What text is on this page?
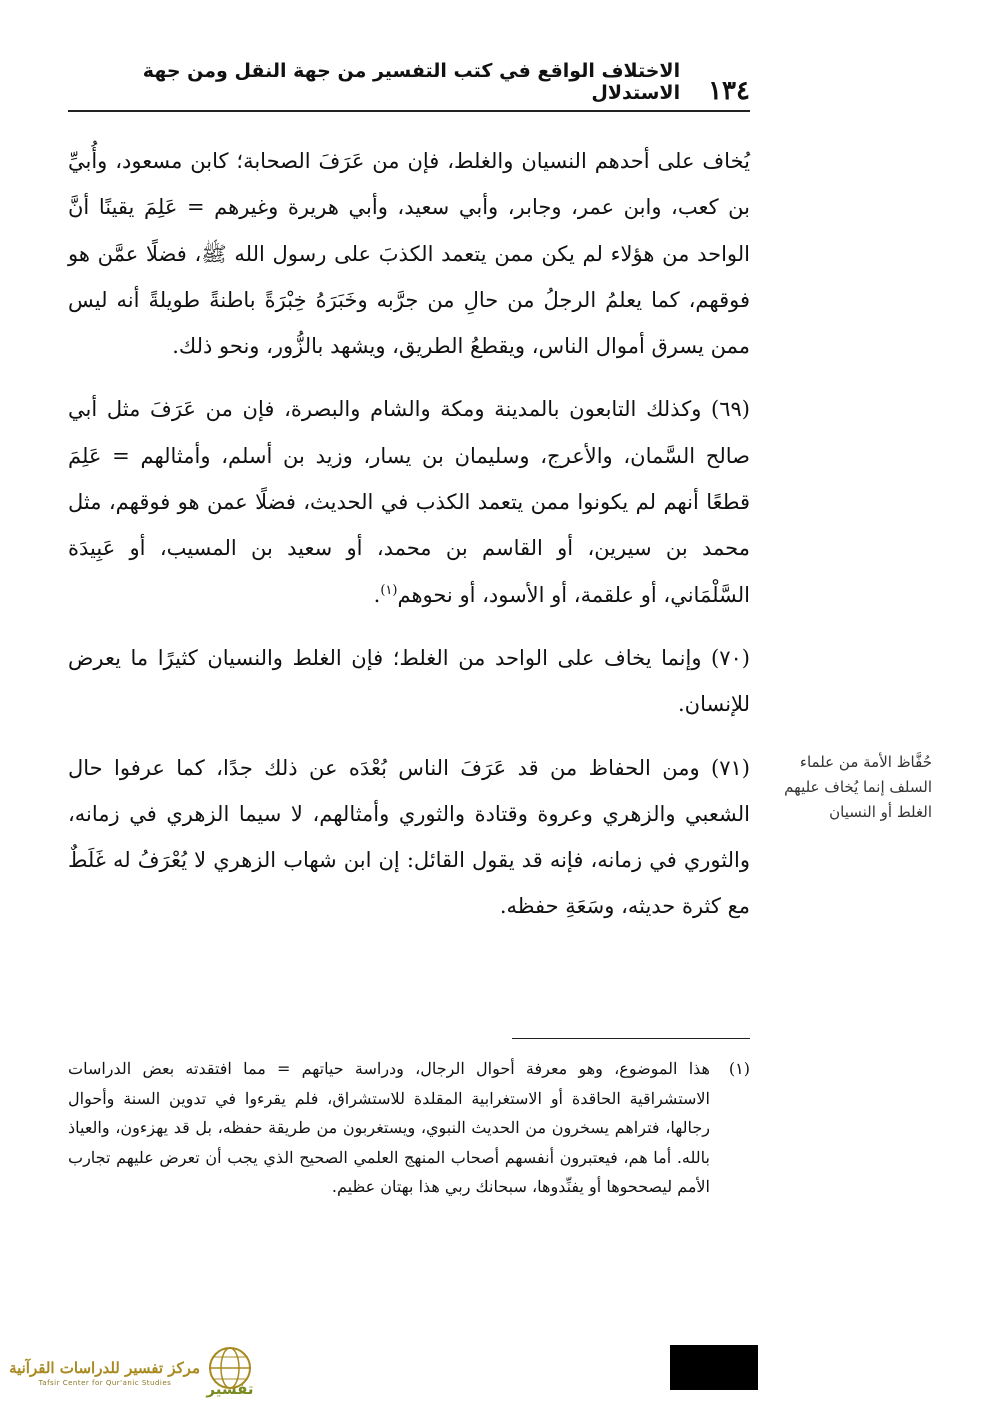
١٣٤
الاختلاف الواقع في كتب التفسير من جهة النقل ومن جهة الاستدلال

يُخاف على أحدهم النسيان والغلط، فإن من عَرَفَ الصحابة؛ كابن مسعود، وأُبيِّ بن كعب، وابن عمر، وجابر، وأبي سعيد، وأبي هريرة وغيرهم = عَلِمَ يقينًا أنَّ الواحد من هؤلاء لم يكن ممن يتعمد الكذبَ على رسول الله ﷺ، فضلًا عمَّن هو فوقهم، كما يعلمُ الرجلُ من حالِ من جرَّبه وخَبَرَهُ خِبْرَةً باطنةً طويلةً أنه ليس ممن يسرق أموال الناس، ويقطعُ الطريق، ويشهد بالزُّور، ونحو ذلك.

(٦٩) وكذلك التابعون بالمدينة ومكة والشام والبصرة، فإن من عَرَفَ مثل أبي صالح السَّمان، والأعرج، وسليمان بن يسار، وزيد بن أسلم، وأمثالهم = عَلِمَ قطعًا أنهم لم يكونوا ممن يتعمد الكذب في الحديث، فضلًا عمن هو فوقهم، مثل محمد بن سيرين، أو القاسم بن محمد، أو سعيد بن المسيب، أو عَبِيدَة السَّلْمَاني، أو علقمة، أو الأسود، أو نحوهم$^{(١)}$.

(٧٠) وإنما يخاف على الواحد من الغلط؛ فإن الغلط والنسيان كثيرًا ما يعرض للإنسان.

(٧١) ومن الحفاظ من قد عَرَفَ الناس بُعْدَه عن ذلك جدًا، كما عرفوا حال الشعبي والزهري وعروة وقتادة والثوري وأمثالهم، لا سيما الزهري في زمانه، والثوري في زمانه، فإنه قد يقول القائل: إن ابن شهاب الزهري لا يُعْرَفُ له غَلَطٌ مع كثرة حديثه، وسَعَةِ حفظه.

حُفَّاظ الأمة من علماء السلف إنما يُخاف عليهم الغلط أو النسيان
(١)
هذا الموضوع، وهو معرفة أحوال الرجال، ودراسة حياتهم = مما افتقدته بعض الدراسات الاستشراقية الحاقدة أو الاستغرابية المقلدة للاستشراق، فلم يقرءوا في تدوين السنة وأحوال رجالها، فتراهم يسخرون من الحديث النبوي، ويستغربون من طريقة حفظه، بل قد يهزءون، والعياذ بالله. أما هم، فيعتبرون أنفسهم أصحاب المنهج العلمي الصحيح الذي يجب أن تعرض عليهم تجارب الأمم ليصححوها أو يفنِّدوها، سبحانك ربي هذا بهتان عظيم.
مركز تفسير للدراسات القرآنية
Tafsir Center for Qur'anic Studies	تفسير
